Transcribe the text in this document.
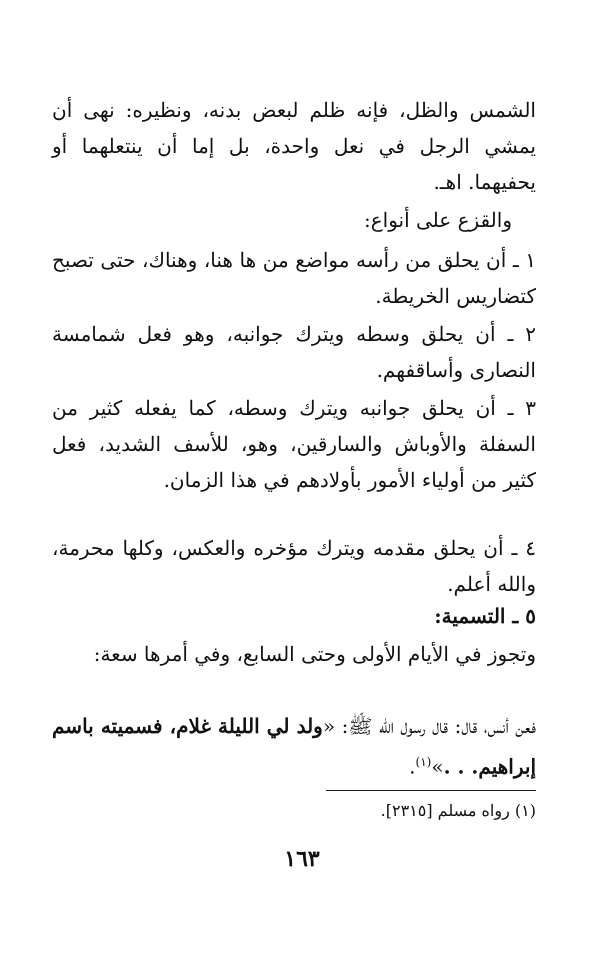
الشمس والظل، فإنه ظلم لبعض بدنه، ونظيره: نهى أن يمشي الرجل في نعل واحدة، بل إما أن ينتعلهما أو يحفيهما. اهـ.

والقزع على أنواع:

١ ـ أن يحلق من رأسه مواضع من ها هنا، وهناك، حتى تصبح كتضاريس الخريطة.

٢ ـ أن يحلق وسطه ويترك جوانبه، وهو فعل شمامسة النصارى وأساقفهم.

٣ ـ أن يحلق جوانبه ويترك وسطه، كما يفعله كثير من السفلة والأوباش والسارقين، وهو، للأسف الشديد، فعل كثير من أولياء الأمور بأولادهم في هذا الزمان.

٤ ـ أن يحلق مقدمه ويترك مؤخره والعكس، وكلها محرمة، والله أعلم.

٥ ـ التسمية:

وتجوز في الأيام الأولى وحتى السابع، وفي أمرها سعة:

فعن أنس، قال: قال رسول الله ﷺ: «ولد لي الليلة غلام، فسميته باسم إبراهيم. . .»$^{(١)}$.

(١) رواه مسلم [٢٣١٥].

١٦٣
